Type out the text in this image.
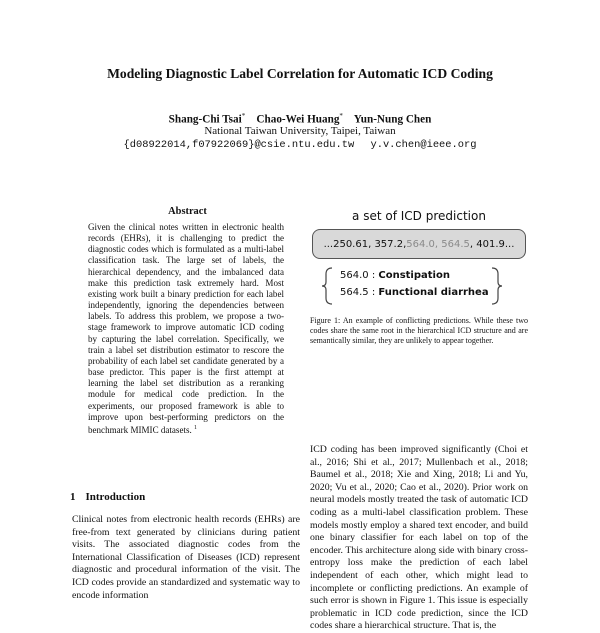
Modeling Diagnostic Label Correlation for Automatic ICD Coding
Shang-Chi Tsai* Chao-Wei Huang* Yun-Nung Chen
National Taiwan University, Taipei, Taiwan
{d08922014,f07922069}@csie.ntu.edu.tw y.v.chen@ieee.org
Abstract
Given the clinical notes written in electronic health records (EHRs), it is challenging to predict the diagnostic codes which is formulated as a multi-label classification task. The large set of labels, the hierarchical dependency, and the imbalanced data make this prediction task extremely hard. Most existing work built a binary prediction for each label independently, ignoring the dependencies between labels. To address this problem, we propose a two-stage framework to improve automatic ICD coding by capturing the label correlation. Specifically, we train a label set distribution estimator to rescore the probability of each label set candidate generated by a base predictor. This paper is the first attempt at learning the label set distribution as a reranking module for medical code prediction. In the experiments, our proposed framework is able to improve upon best-performing predictors on the benchmark MIMIC datasets. $^1$
1 Introduction
Clinical notes from electronic health records (EHRs) are free-from text generated by clinicians during patient visits. The associated diagnostic codes from the International Classification of Diseases (ICD) represent diagnostic and procedural information of the visit. The ICD codes provide an standardized and systematic way to encode information
a set of ICD prediction
...250.61, 357.2, 564.0, 564.5 , 401.9...
564.0 : Constipation
564.5 : Functional diarrhea
Figure 1: An example of conflicting predictions. While these two codes share the same root in the hierarchical ICD structure and are semantically similar, they are unlikely to appear together.
ICD coding has been improved significantly (Choi et al., 2016; Shi et al., 2017; Mullenbach et al., 2018; Baumel et al., 2018; Xie and Xing, 2018; Li and Yu, 2020; Vu et al., 2020; Cao et al., 2020). Prior work on neural models mostly treated the task of automatic ICD coding as a multi-label classification problem. These models mostly employ a shared text encoder, and build one binary classifier for each label on top of the encoder. This architecture along side with binary cross-entropy loss make the prediction of each label independent of each other, which might lead to incomplete or conflicting predictions. An example of such error is shown in Figure 1. This issue is especially problematic in ICD code prediction, since the ICD codes share a hierarchical structure. That is, the
